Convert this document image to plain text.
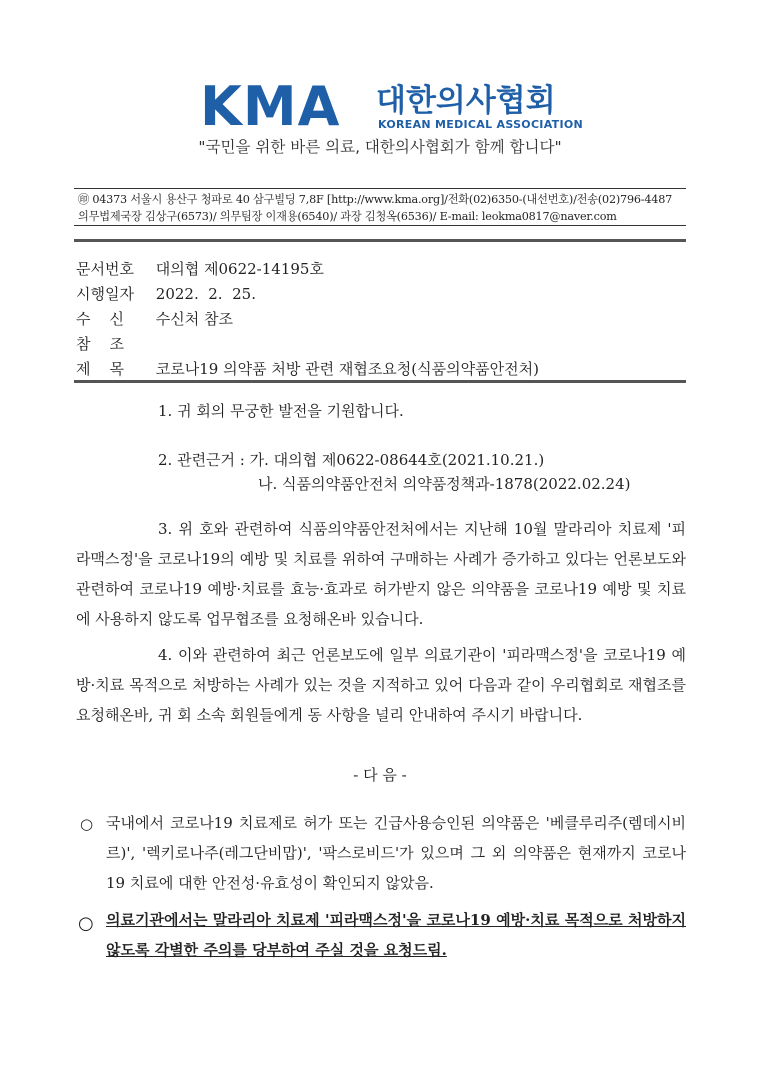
KMA 대한의사협회
KOREAN MEDICAL ASSOCIATION
"국민을 위한 바른 의료, 대한의사협회가 함께 합니다"
㊞ 04373 서울시 용산구 청파로 40 삼구빌딩 7,8F [http://www.kma.org]/전화(02)6350-(내선번호)/전송(02)796-4487
의무법제국장 김상구(6573)/ 의무팀장 이재용(6540)/ 과장 김청옥(6536)/ E-mail: leokma0817@naver.com
문서번호 대의협 제0622-14195호
시행일자 2022.  2.  25.
수    신 수신처 참조
참    조
제    목 코로나19 의약품 처방 관련 재협조요청(식품의약품안전처)
1. 귀 회의 무궁한 발전을 기원합니다.
2. 관련근거 : 가. 대의협 제0622-08644호(2021.10.21.)
나. 식품의약품안전처 의약품정책과-1878(2022.02.24)
3. 위 호와 관련하여 식품의약품안전처에서는 지난해 10월 말라리아 치료제 '피라맥스정'을 코로나19의 예방 및 치료를 위하여 구매하는 사례가 증가하고 있다는 언론보도와 관련하여 코로나19 예방·치료를 효능·효과로 허가받지 않은 의약품을 코로나19 예방 및 치료에 사용하지 않도록 업무협조를 요청해온바 있습니다.
4. 이와 관련하여 최근 언론보도에 일부 의료기관이 '피라맥스정'을 코로나19 예방·치료 목적으로 처방하는 사례가 있는 것을 지적하고 있어 다음과 같이 우리협회로 재협조를 요청해온바, 귀 회 소속 회원들에게 동 사항을 널리 안내하여 주시기 바랍니다.
- 다 음 -
○ 국내에서 코로나19 치료제로 허가 또는 긴급사용승인된 의약품은 '베클루리주(렘데시비르)', '렉키로나주(레그단비맙)', '팍스로비드'가 있으며 그 외 의약품은 현재까지 코로나19 치료에 대한 안전성·유효성이 확인되지 않았음.
○ 의료기관에서는 말라리아 치료제 '피라맥스정'을 코로나19 예방·치료 목적으로 처방하지 않도록 각별한 주의를 당부하여 주실 것을 요청드림.
